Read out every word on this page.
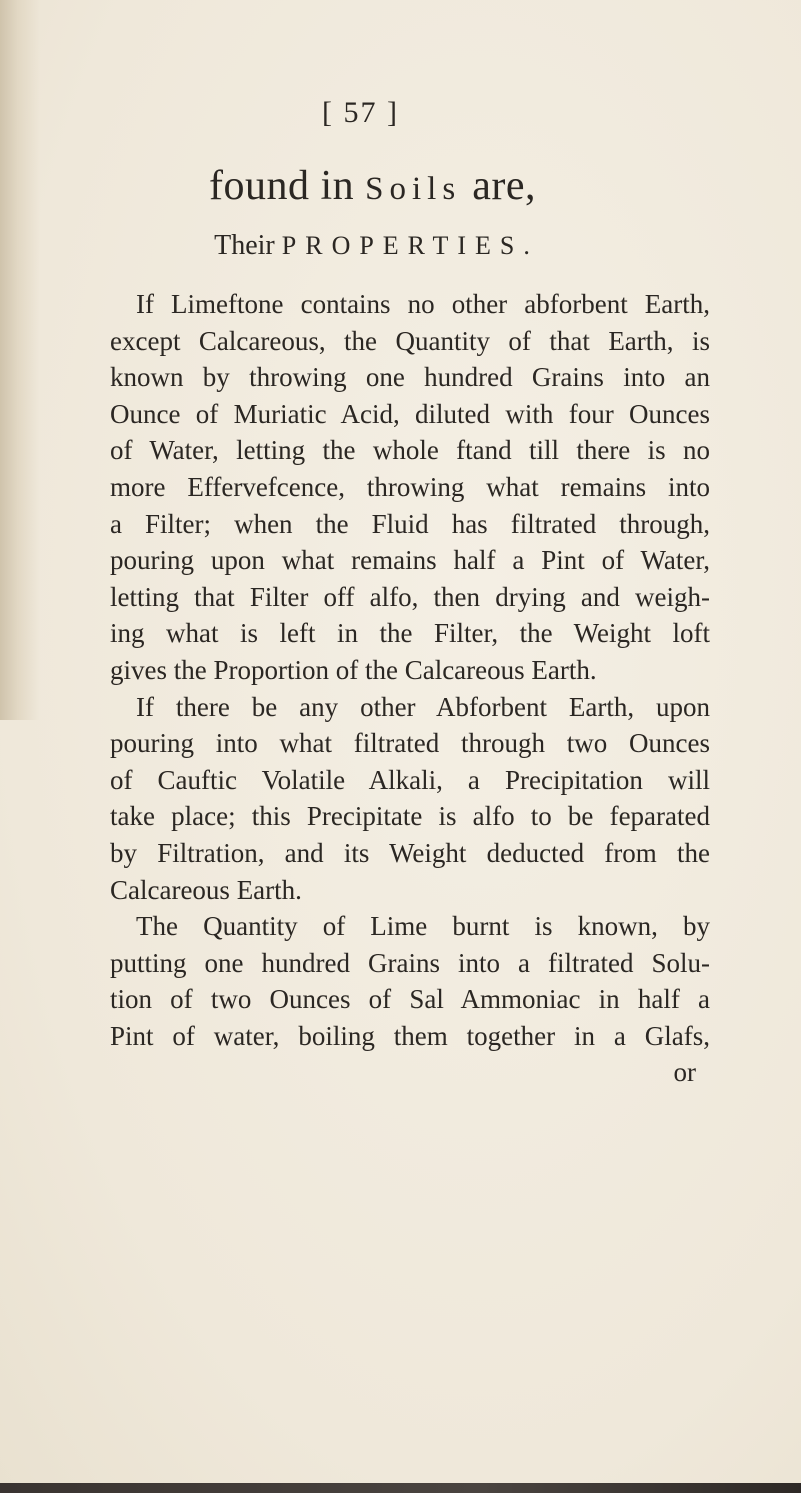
[ 57 ]
found in Soils are,
Their PROPERTIES.
If Limeftone contains no other abforbent Earth,
except Calcareous, the Quantity of that Earth, is
known by throwing one hundred Grains into an
Ounce of Muriatic Acid, diluted with four Ounces
of Water, letting the whole ftand till there is no
more Effervefcence, throwing what remains into
a Filter; when the Fluid has filtrated through,
pouring upon what remains half a Pint of Water,
letting that Filter off alfo, then drying and weigh-
ing what is left in the Filter, the Weight loft
gives the Proportion of the Calcareous Earth.
If there be any other Abforbent Earth, upon
pouring into what filtrated through two Ounces
of Cauftic Volatile Alkali, a Precipitation will
take place; this Precipitate is alfo to be feparated
by Filtration, and its Weight deducted from the
Calcareous Earth.
The Quantity of Lime burnt is known, by
putting one hundred Grains into a filtrated Solu-
tion of two Ounces of Sal Ammoniac in half a
Pint of water, boiling them together in a Glafs,
or
